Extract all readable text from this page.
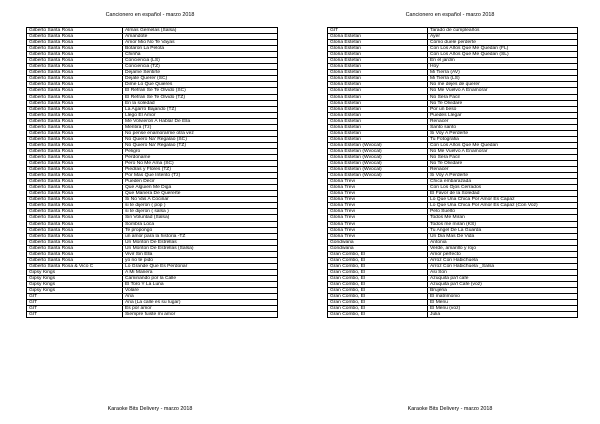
Cancionero en español - marzo 2018
Gilberto Santa Rosa	Almas Gemelas (Salsa)
Gilberto Santa Rosa	Amandote
Gilberto Santa Rosa	Amor Mio No Te Vayas
Gilberto Santa Rosa	Botaron La Pelota
Gilberto Santa Rosa	Chiriña
Gilberto Santa Rosa	Conciencia (LS)
Gilberto Santa Rosa	Conciencia (TZ)
Gilberto Santa Rosa	Dejame Sentirte
Gilberto Santa Rosa	Dejate Querer (SC)
Gilberto Santa Rosa	Dime Lo Que Quieres
Gilberto Santa Rosa	El Refran Se Te Olvido (SC)
Gilberto Santa Rosa	El Refran Se Te Olvido (TZ)
Gilberto Santa Rosa	En la soledad
Gilberto Santa Rosa	La Agarro Bajando (TZ)
Gilberto Santa Rosa	Llego El Amor
Gilberto Santa Rosa	Me Volvieron A Hablar De Ella
Gilberto Santa Rosa	Mentira (Tz)
Gilberto Santa Rosa	No pense enamorarme otra vez
Gilberto Santa Rosa	No Quiero Na' Regalao (SC)
Gilberto Santa Rosa	No Quiero Na' Regalao (TZ)
Gilberto Santa Rosa	Peligro
Gilberto Santa Rosa	Perdoname
Gilberto Santa Rosa	Pero No Me Ama (SC)
Gilberto Santa Rosa	Piedras y Flores (TZ)
Gilberto Santa Rosa	Por Mas Que Intento (Tz)
Gilberto Santa Rosa	Pueden Decir
Gilberto Santa Rosa	Que Alguien Me Diga
Gilberto Santa Rosa	Que Manera De Quererte
Gilberto Santa Rosa	Si No Vas A Cocinar
Gilberto Santa Rosa	si te dijeron ( pop )
Gilberto Santa Rosa	si te dijeron ( salsa )
Gilberto Santa Rosa	Sin Voluntad (Salsa)
Gilberto Santa Rosa	Sombra Loca
Gilberto Santa Rosa	Te propongo
Gilberto Santa Rosa	un amor para la historia -TZ
Gilberto Santa Rosa	Un Monton De Estrellas
Gilberto Santa Rosa	Un Monton De Estrellas (Salsa)
Gilberto Santa Rosa	Vivir Sin Ella
Gilberto Santa Rosa	yo no te pido
Gilberto Santa Rosa & Vico C	Lo Grande Que Es Perdonar
Gipsy Kings	A Mi Manera
Gipsy Kings	Caminando por la Calle
Gipsy Kings	El Toro Y La Luna
Gipsy Kings	Volare
GIT	Ana
GIT	Ana (La calle es su lugar)
GIT	Es por amor
GIT	Siempre fuiste mi amor
Karaoke Bits Delivery - marzo 2018
Cancionero en español - marzo 2018
GIT	Tarado de cumpleaños
Gloria Estefan	Ayer
Gloria Estefan	Cómo duele perderte
Gloria Estefan	Con Los Años Que Me Quedan (FL)
Gloria Estefan	Con Los Años Que Me Quedan (SL)
Gloria Estefan	En el jardín
Gloria Estefan	Hoy
Gloria Estefan	Mi Tierra (AV)
Gloria Estefan	Mi Tierra (LS)
Gloria Estefan	No me dejes de querer
Gloria Estefan	No Me Vuelvo A Enamorar
Gloria Estefan	No Sera Facil
Gloria Estefan	No Te Olvidare
Gloria Estefan	Por un beso
Gloria Estefan	Puedes Llegar
Gloria Estefan	Renacer
Gloria Estefan	Santo santo
Gloria Estefan	Si Voy A Perderte
Gloria Estefan	Tu Fotografia
Gloria Estefan (Wvocal)	Con Los Años Que Me Quedan
Gloria Estefan (Wvocal)	No Me Vuelvo A Enamorar
Gloria Estefan (Wvocal)	No Sera Facil
Gloria Estefan (Wvocal)	No Te Olvidare
Gloria Estefan (Wvocal)	Renacer
Gloria Estefan (Wvocal)	Si Voy A Perderte
Gloria Trevi	Chica embarazada
Gloria Trevi	Con Los Ojos Cerrados
Gloria Trevi	El Favor de la Soledad
Gloria Trevi	Lo Que Una Chica Por Amor Es Capaz
Gloria Trevi	Lo Que Una Chica Por Amor Es Capaz (Con Voz)
Gloria Trevi	Pelo Suelto
Gloria Trevi	Todos Me Miran
Gloria Trevi	Todos me miran (KS)
Gloria Trevi	Tu Angel De La Guarda
Gloria Trevi	Un Dia Mas De Vida
Gondwana	Antonia
Gondwana	Verde, amarillo y rojo
Gran Combo, El	Amor perfecto
Gran Combo, El	Arroz Con Habichuela
Gran Combo, El	Arroz Con Habichuela _Salsa
Gran Combo, El	Asi Son
Gran Combo, El	Azuquita pa'l cafe
Gran Combo, El	Azuquita pa'l Cafe (voz)
Gran Combo, El	Brujeria
Gran Combo, El	El matrimonio
Gran Combo, El	El Menu
Gran Combo, El	El Menu (voz)
Gran Combo, El	Julia
Karaoke Bits Delivery - marzo 2018
